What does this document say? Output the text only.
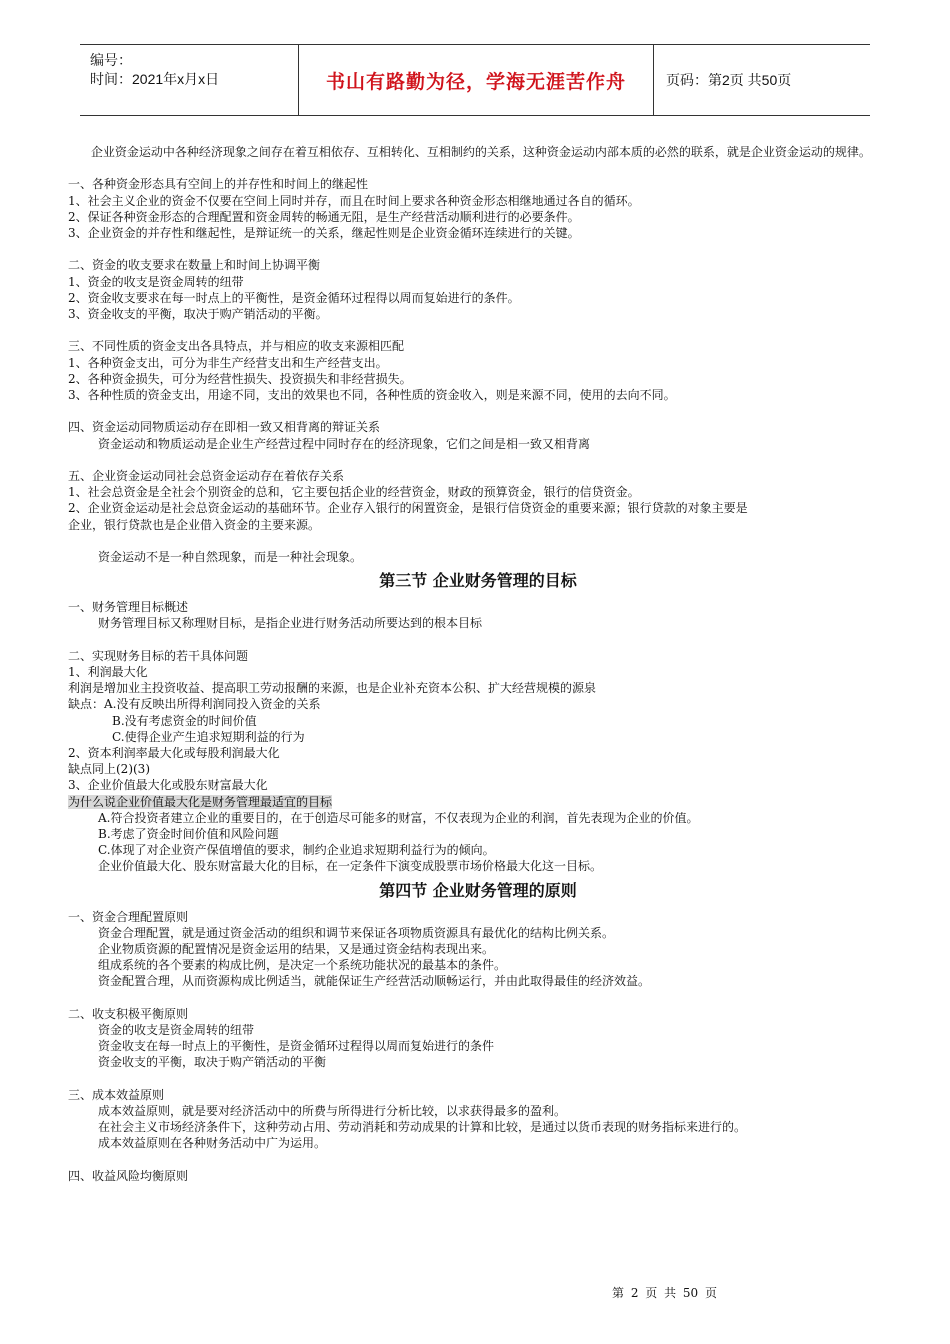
编号：
时间：2021年x月x日	书山有路勤为径，学海无涯苦作舟	页码：第2页 共50页
企业资金运动中各种经济现象之间存在着互相依存、互相转化、互相制约的关系，这种资金运动内部本质的必然的联系，就是企业资金运动的规律。
一、各种资金形态具有空间上的并存性和时间上的继起性
1、社会主义企业的资金不仅要在空间上同时并存，而且在时间上要求各种资金形态相继地通过各自的循环。
2、保证各种资金形态的合理配置和资金周转的畅通无阻，是生产经营活动顺利进行的必要条件。
3、企业资金的并存性和继起性，是辩证统一的关系，继起性则是企业资金循环连续进行的关键。
二、资金的收支要求在数量上和时间上协调平衡
1、资金的收支是资金周转的纽带
2、资金收支要求在每一时点上的平衡性，是资金循环过程得以周而复始进行的条件。
3、资金收支的平衡，取决于购产销活动的平衡。
三、不同性质的资金支出各具特点，并与相应的收支来源相匹配
1、各种资金支出，可分为非生产经营支出和生产经营支出。
2、各种资金损失，可分为经营性损失、投资损失和非经营损失。
3、各种性质的资金支出，用途不同，支出的效果也不同，各种性质的资金收入，则是来源不同，使用的去向不同。
四、资金运动同物质运动存在即相一致又相背离的辩证关系
资金运动和物质运动是企业生产经营过程中同时存在的经济现象，它们之间是相一致又相背离
五、企业资金运动同社会总资金运动存在着依存关系
1、社会总资金是全社会个别资金的总和，它主要包括企业的经营资金，财政的预算资金，银行的信贷资金。
2、企业资金运动是社会总资金运动的基础环节。企业存入银行的闲置资金，是银行信贷资金的重要来源；银行贷款的对象主要是
企业，银行贷款也是企业借入资金的主要来源。
资金运动不是一种自然现象，而是一种社会现象。
第三节 企业财务管理的目标
一、财务管理目标概述
财务管理目标又称理财目标，是指企业进行财务活动所要达到的根本目标
二、实现财务目标的若干具体问题
1、利润最大化
利润是增加业主投资收益、提高职工劳动报酬的来源，也是企业补充资本公积、扩大经营规模的源泉
缺点：A.没有反映出所得利润同投入资金的关系
B.没有考虑资金的时间价值
C.使得企业产生追求短期利益的行为
2、资本利润率最大化或每股利润最大化
缺点同上(2)(3)
3、企业价值最大化或股东财富最大化
为什么说企业价值最大化是财务管理最适宜的目标
A.符合投资者建立企业的重要目的，在于创造尽可能多的财富，不仅表现为企业的利润，首先表现为企业的价值。
B.考虑了资金时间价值和风险问题
C.体现了对企业资产保值增值的要求，制约企业追求短期利益行为的倾向。
企业价值最大化、股东财富最大化的目标，在一定条件下演变成股票市场价格最大化这一目标。
第四节 企业财务管理的原则
一、资金合理配置原则
资金合理配置，就是通过资金活动的组织和调节来保证各项物质资源具有最优化的结构比例关系。
企业物质资源的配置情况是资金运用的结果，又是通过资金结构表现出来。
组成系统的各个要素的构成比例，是决定一个系统功能状况的最基本的条件。
资金配置合理，从而资源构成比例适当，就能保证生产经营活动顺畅运行，并由此取得最佳的经济效益。
二、收支积极平衡原则
资金的收支是资金周转的纽带
资金收支在每一时点上的平衡性，是资金循环过程得以周而复始进行的条件
资金收支的平衡，取决于购产销活动的平衡
三、成本效益原则
成本效益原则，就是要对经济活动中的所费与所得进行分析比较，以求获得最多的盈利。
在社会主义市场经济条件下，这种劳动占用、劳动消耗和劳动成果的计算和比较，是通过以货币表现的财务指标来进行的。
成本效益原则在各种财务活动中广为运用。
四、收益风险均衡原则
第 2 页 共 50 页
